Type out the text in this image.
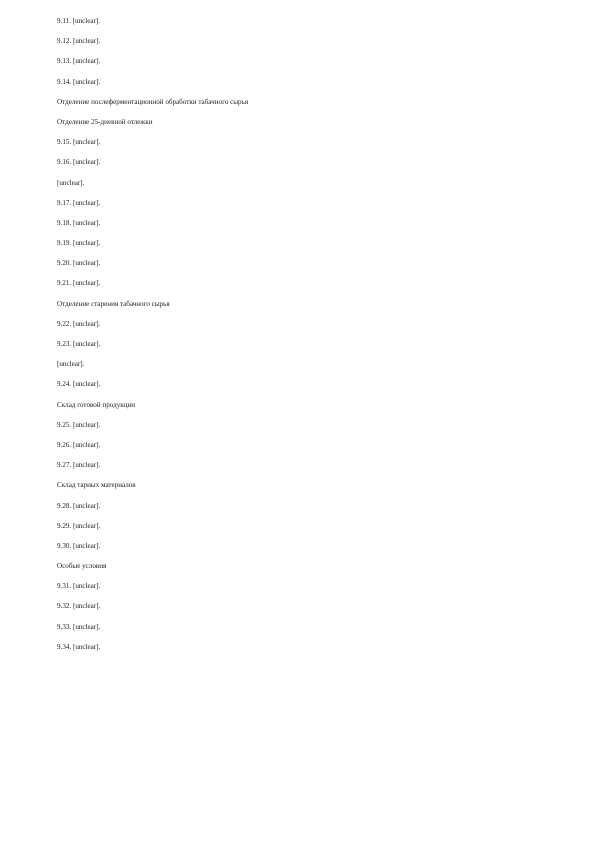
9.11. [unclear].
9.12. [unclear].
9.13. [unclear].
9.14. [unclear].
Отделение послеферментационной обработки табачного сырья
Отделение 25-дневной отлежки
9.15. [unclear].
9.16. [unclear].
[unclear].
9.17. [unclear].
9.18. [unclear].
9.19. [unclear].
9.20. [unclear].
9.21. [unclear].
Отделение старения табачного сырья
9.22. [unclear].
9.23. [unclear].
[unclear].
9.24. [unclear].
Склад готовой продукции
9.25. [unclear].
9.26. [unclear].
9.27. [unclear].
Склад тарных материалов
9.28. [unclear].
9.29. [unclear].
9.30. [unclear].
Особые условия
9.31. [unclear].
9.32. [unclear].
9.33. [unclear].
9.34. [unclear].
